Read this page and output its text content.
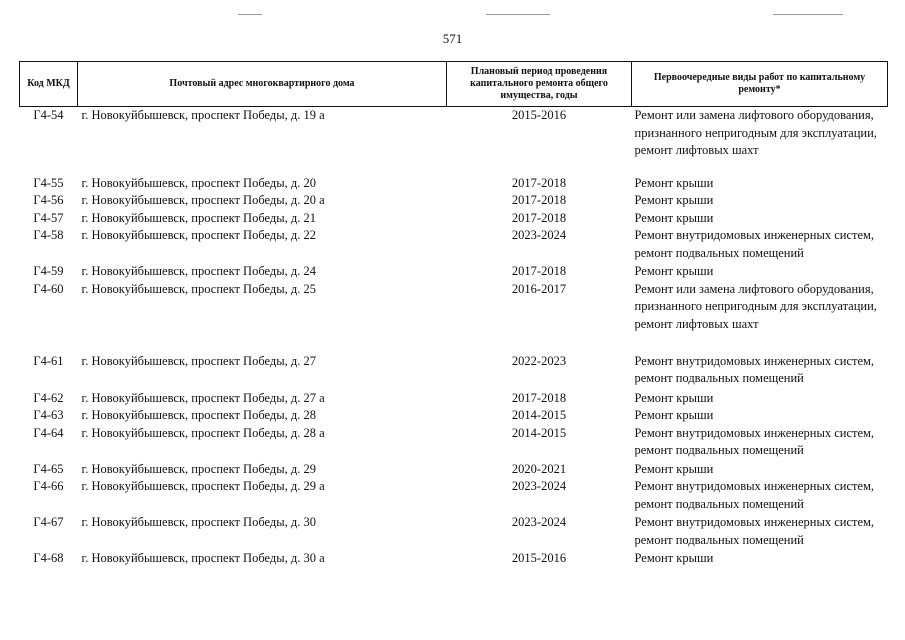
571
Код МКД	Почтовый адрес многоквартирного дома	Плановый период проведения капитального ремонта общего имущества, годы	Первоочередные виды работ по капитальному ремонту*
Г4-54	г. Новокуйбышевск, проспект Победы, д. 19 а	2015-2016	Ремонт или замена лифтового оборудования, признанного непригодным для эксплуатации, ремонт лифтовых шахт
Г4-55	г. Новокуйбышевск, проспект Победы, д. 20	2017-2018	Ремонт крыши
Г4-56	г. Новокуйбышевск, проспект Победы, д. 20 а	2017-2018	Ремонт крыши
Г4-57	г. Новокуйбышевск, проспект Победы, д. 21	2017-2018	Ремонт крыши
Г4-58	г. Новокуйбышевск, проспект Победы, д. 22	2023-2024	Ремонт внутридомовых инженерных систем, ремонт подвальных помещений
Г4-59	г. Новокуйбышевск, проспект Победы, д. 24	2017-2018	Ремонт крыши
Г4-60	г. Новокуйбышевск, проспект Победы, д. 25	2016-2017	Ремонт или замена лифтового оборудования, признанного непригодным для эксплуатации, ремонт лифтовых шахт
Г4-61	г. Новокуйбышевск, проспект Победы, д. 27	2022-2023	Ремонт внутридомовых инженерных систем, ремонт подвальных помещений
Г4-62	г. Новокуйбышевск, проспект Победы, д. 27 а	2017-2018	Ремонт крыши
Г4-63	г. Новокуйбышевск, проспект Победы, д. 28	2014-2015	Ремонт крыши
Г4-64	г. Новокуйбышевск, проспект Победы, д. 28 а	2014-2015	Ремонт внутридомовых инженерных систем, ремонт подвальных помещений
Г4-65	г. Новокуйбышевск, проспект Победы, д. 29	2020-2021	Ремонт крыши
Г4-66	г. Новокуйбышевск, проспект Победы, д. 29 а	2023-2024	Ремонт внутридомовых инженерных систем, ремонт подвальных помещений
Г4-67	г. Новокуйбышевск, проспект Победы, д. 30	2023-2024	Ремонт внутридомовых инженерных систем, ремонт подвальных помещений
Г4-68	г. Новокуйбышевск, проспект Победы, д. 30 а	2015-2016	Ремонт крыши
